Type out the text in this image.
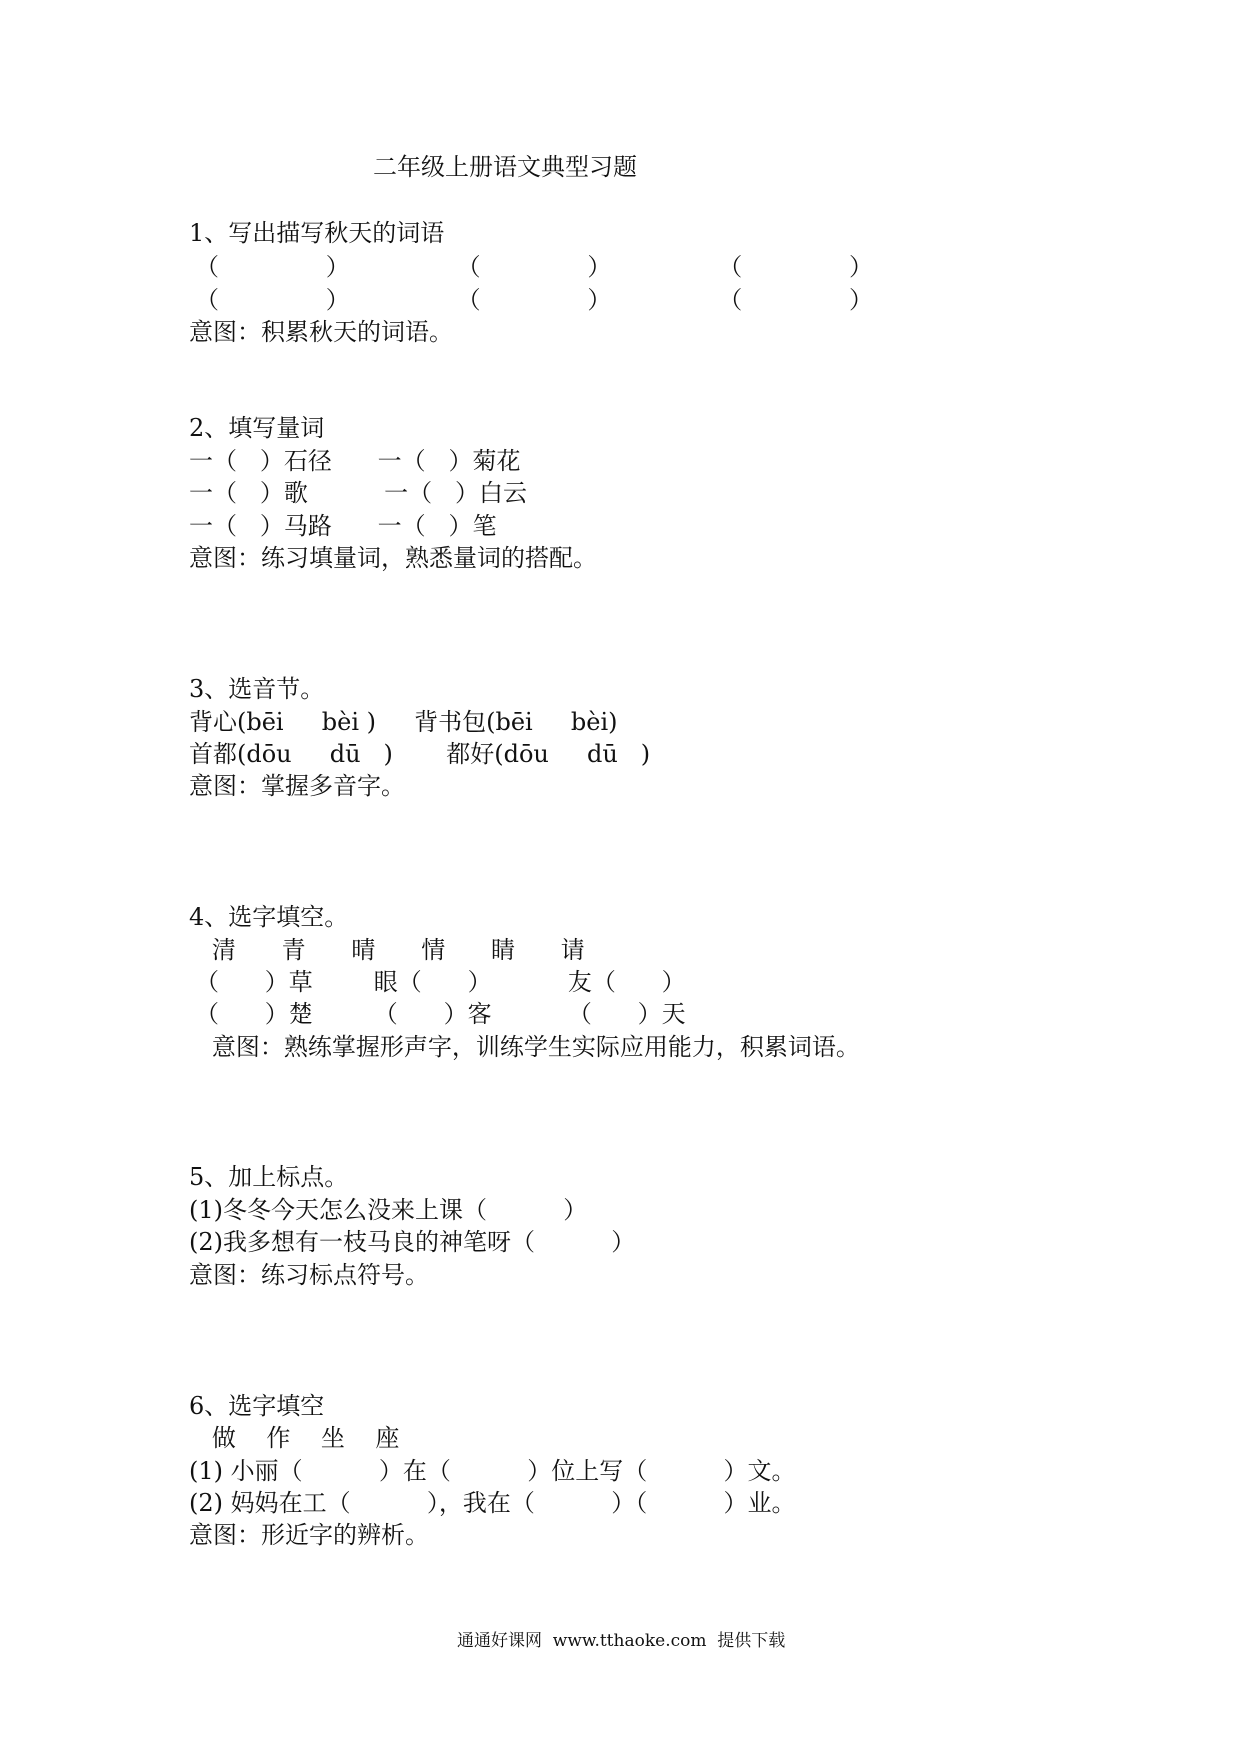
二年级上册语文典型习题
1、写出描写秋天的词语
（              ）              （              ）              （              ）
（              ）              （              ）              （              ）
意图：积累秋天的词语。
2、填写量词
一（   ）石径      一（   ）菊花
一（   ）歌          一（   ）白云
一（   ）马路      一（   ）笔
意图：练习填量词，熟悉量词的搭配。
3、选音节。
背心(bēi     bèi )     背书包(bēi     bèi)
首都(dōu     dū   )       都好(dōu     dū   )
意图：掌握多音字。
4、选字填空。
清      青      晴      情      睛      请
（      ）草        眼（      ）          友（      ）
（      ）楚        （      ）客          （      ）天
意图：熟练掌握形声字，训练学生实际应用能力，积累词语。
5、加上标点。
(1)冬冬今天怎么没来上课（          ）
(2)我多想有一枝马良的神笔呀（          ）
意图：练习标点符号。
6、选字填空
做    作    坐    座
(1) 小丽（          ）在（          ）位上写（          ）文。
(2) 妈妈在工（          ），我在（          ）（          ）业。
意图：形近字的辨析。
通通好课网  www.tthaoke.com  提供下载
